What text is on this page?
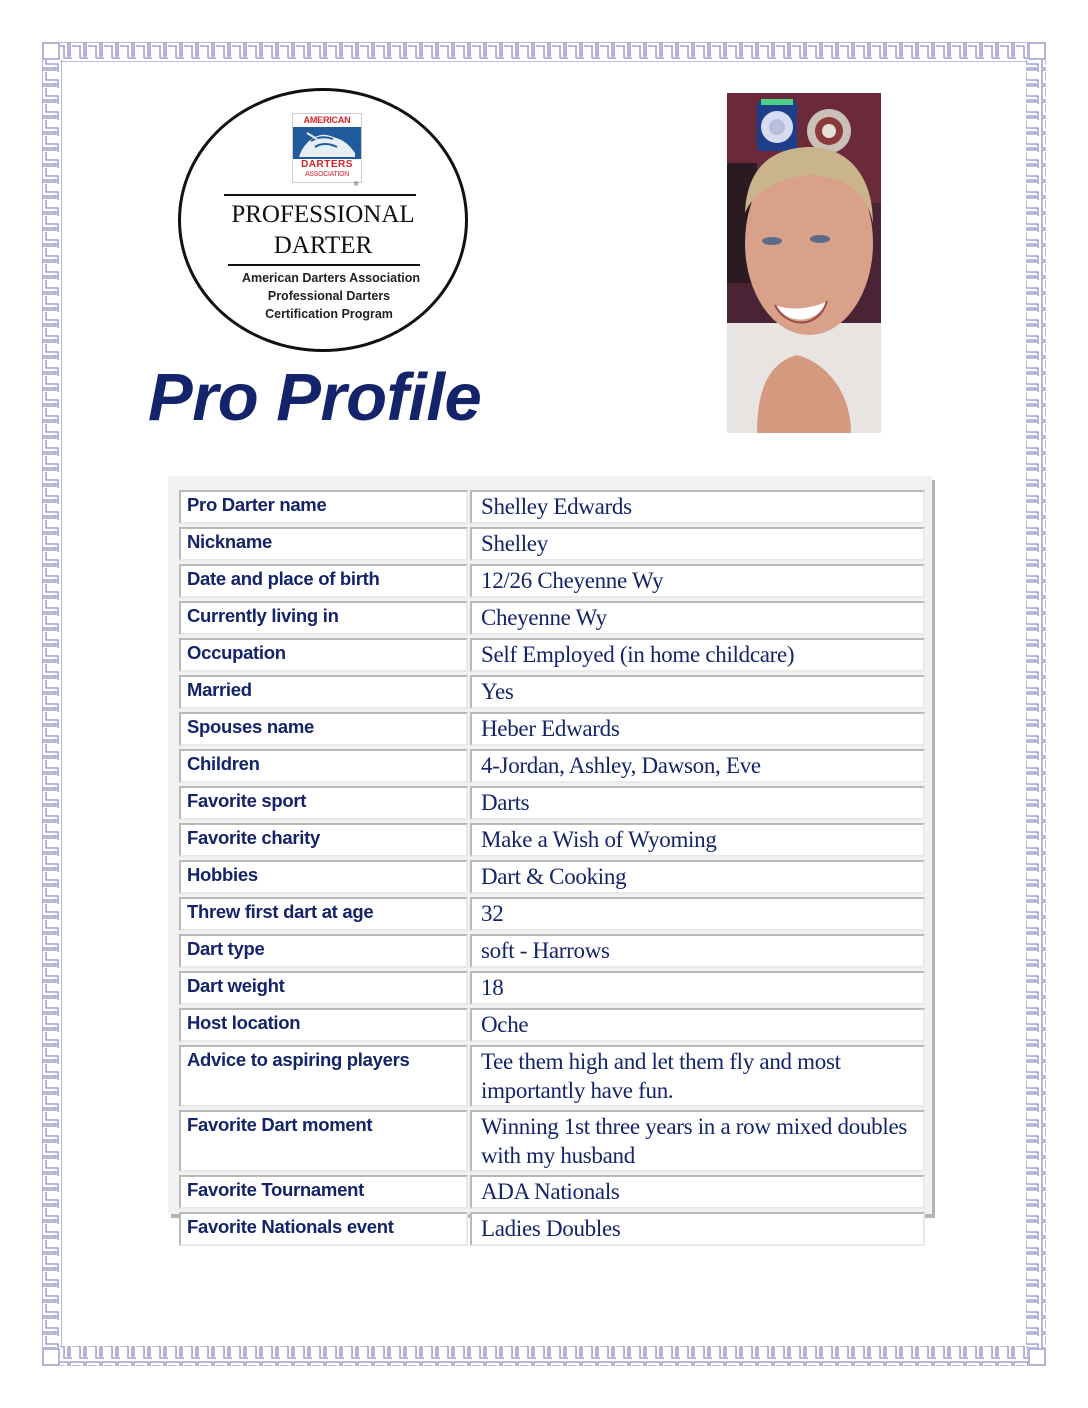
AMERICAN
DARTERS
ASSOCIATION
®
PROFESSIONAL
DARTER
American Darters Association
Professional Darters
Certification Program
Pro Profile
Pro Darter name	Shelley Edwards
Nickname	Shelley
Date and place of birth	12/26 Cheyenne Wy
Currently living in	Cheyenne Wy
Occupation	Self Employed (in home childcare)
Married	Yes
Spouses name	Heber Edwards
Children	4-Jordan, Ashley, Dawson, Eve
Favorite sport	Darts
Favorite charity	Make a Wish of Wyoming
Hobbies	Dart & Cooking
Threw first dart at age	32
Dart type	soft - Harrows
Dart weight	18
Host location	Oche
Advice to aspiring players	Tee them high and let them fly and most importantly have fun.
Favorite Dart moment	Winning 1st three years in a row mixed doubles with my husband
Favorite Tournament	ADA Nationals
Favorite Nationals event	Ladies Doubles
